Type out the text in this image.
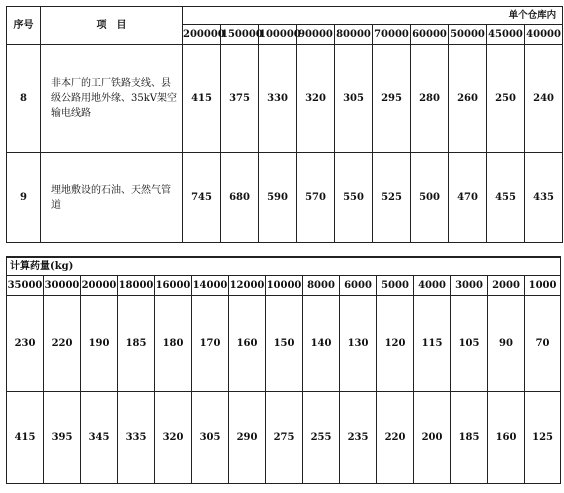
序号	项　目	单个仓库内									
		200000	150000	100000	90000	80000	70000	60000	50000	45000	40000
8	非本厂的工厂铁路支线、县级公路用地外缘、35kV架空输电线路	415	375	330	320	305	295	280	260	250	240
9	埋地敷设的石油、天然气管道	745	680	590	570	550	525	500	470	455	435
计算药量(kg)														
35000	30000	20000	18000	16000	14000	12000	10000	8000	6000	5000	4000	3000	2000	1000
230	220	190	185	180	170	160	150	140	130	120	115	105	90	70
415	395	345	335	320	305	290	275	255	235	220	200	185	160	125
